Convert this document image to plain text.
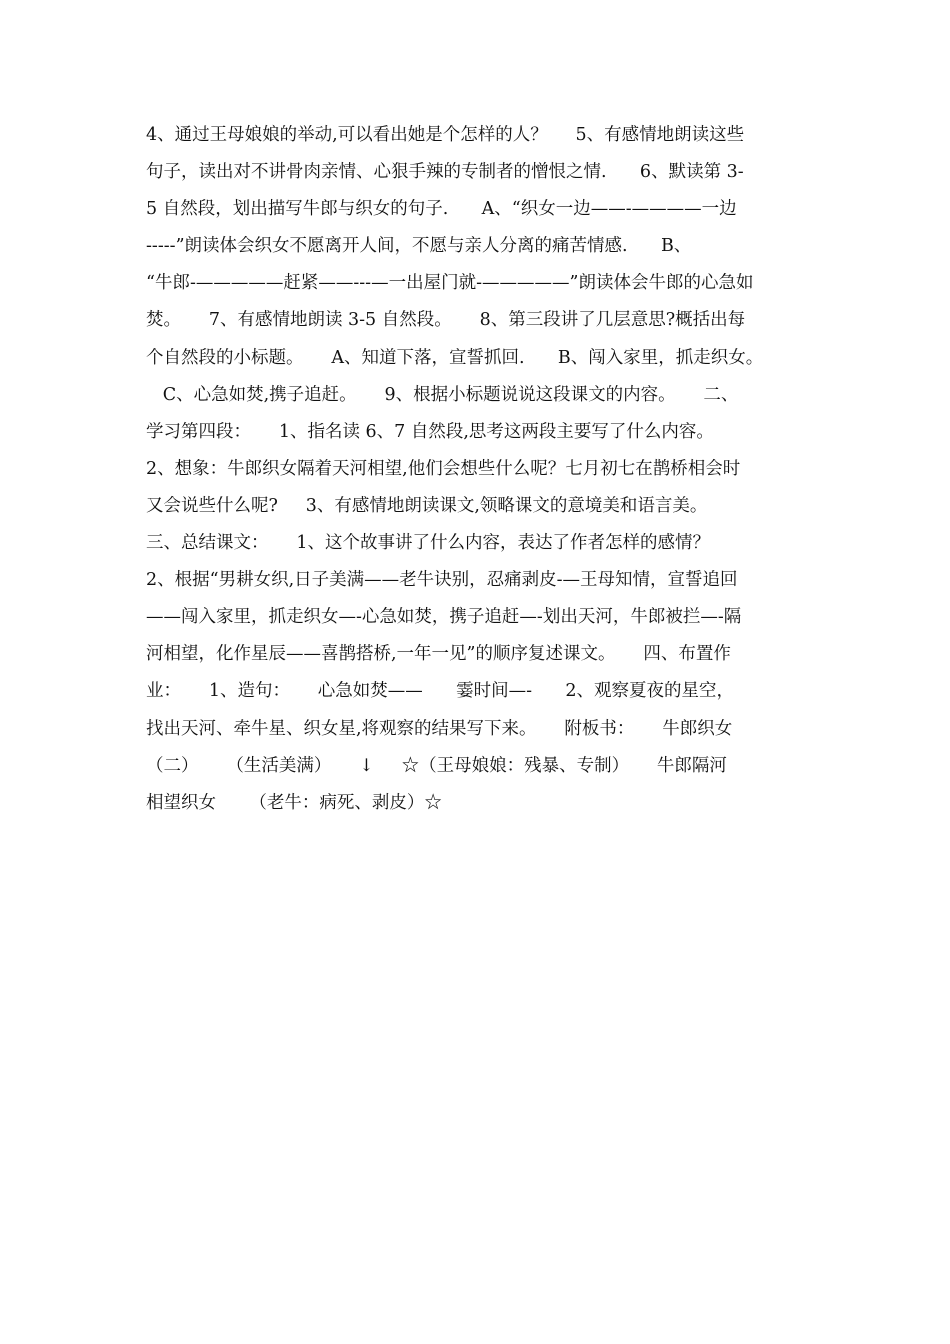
4、通过王母娘娘的举动,可以看出她是个怎样的人？     5、有感情地朗读这些
句子，读出对不讲骨肉亲情、心狠手辣的专制者的憎恨之情.      6、默读第 3-
5 自然段，划出描写牛郎与织女的句子.      A、“织女一边——-————一边
-----”朗读体会织女不愿离开人间，不愿与亲人分离的痛苦情感.      B、
“牛郎-—————赶紧——---—一出屋门就-—————”朗读体会牛郎的心急如
焚。     7、有感情地朗读 3-5 自然段。     8、第三段讲了几层意思?概括出每
个自然段的小标题。     A、知道下落，宣誓抓回.      B、闯入家里，抓走织女。
C、心急如焚,携子追赶。     9、根据小标题说说这段课文的内容。     二、
学习第四段：     1、指名读 6、7 自然段,思考这两段主要写了什么内容。
2、想象：牛郎织女隔着天河相望,他们会想些什么呢？七月初七在鹊桥相会时
又会说些什么呢?     3、有感情地朗读课文,领略课文的意境美和语言美。
三、总结课文：     1、这个故事讲了什么内容，表达了作者怎样的感情？
2、根据“男耕女织,日子美满——老牛诀别，忍痛剥皮-—王母知情，宣誓追回
——闯入家里，抓走织女—-心急如焚，携子追赶—-划出天河，牛郎被拦—-隔
河相望，化作星辰——喜鹊搭桥,一年一见”的顺序复述课文。     四、布置作
业：     1、造句：     心急如焚——      霎时间—-      2、观察夏夜的星空，
找出天河、牵牛星、织女星,将观察的结果写下来。     附板书：     牛郎织女
（二）     （生活美满）     ↓     ☆（王母娘娘：残暴、专制）     牛郎隔河
相望织女      （老牛：病死、剥皮）☆
